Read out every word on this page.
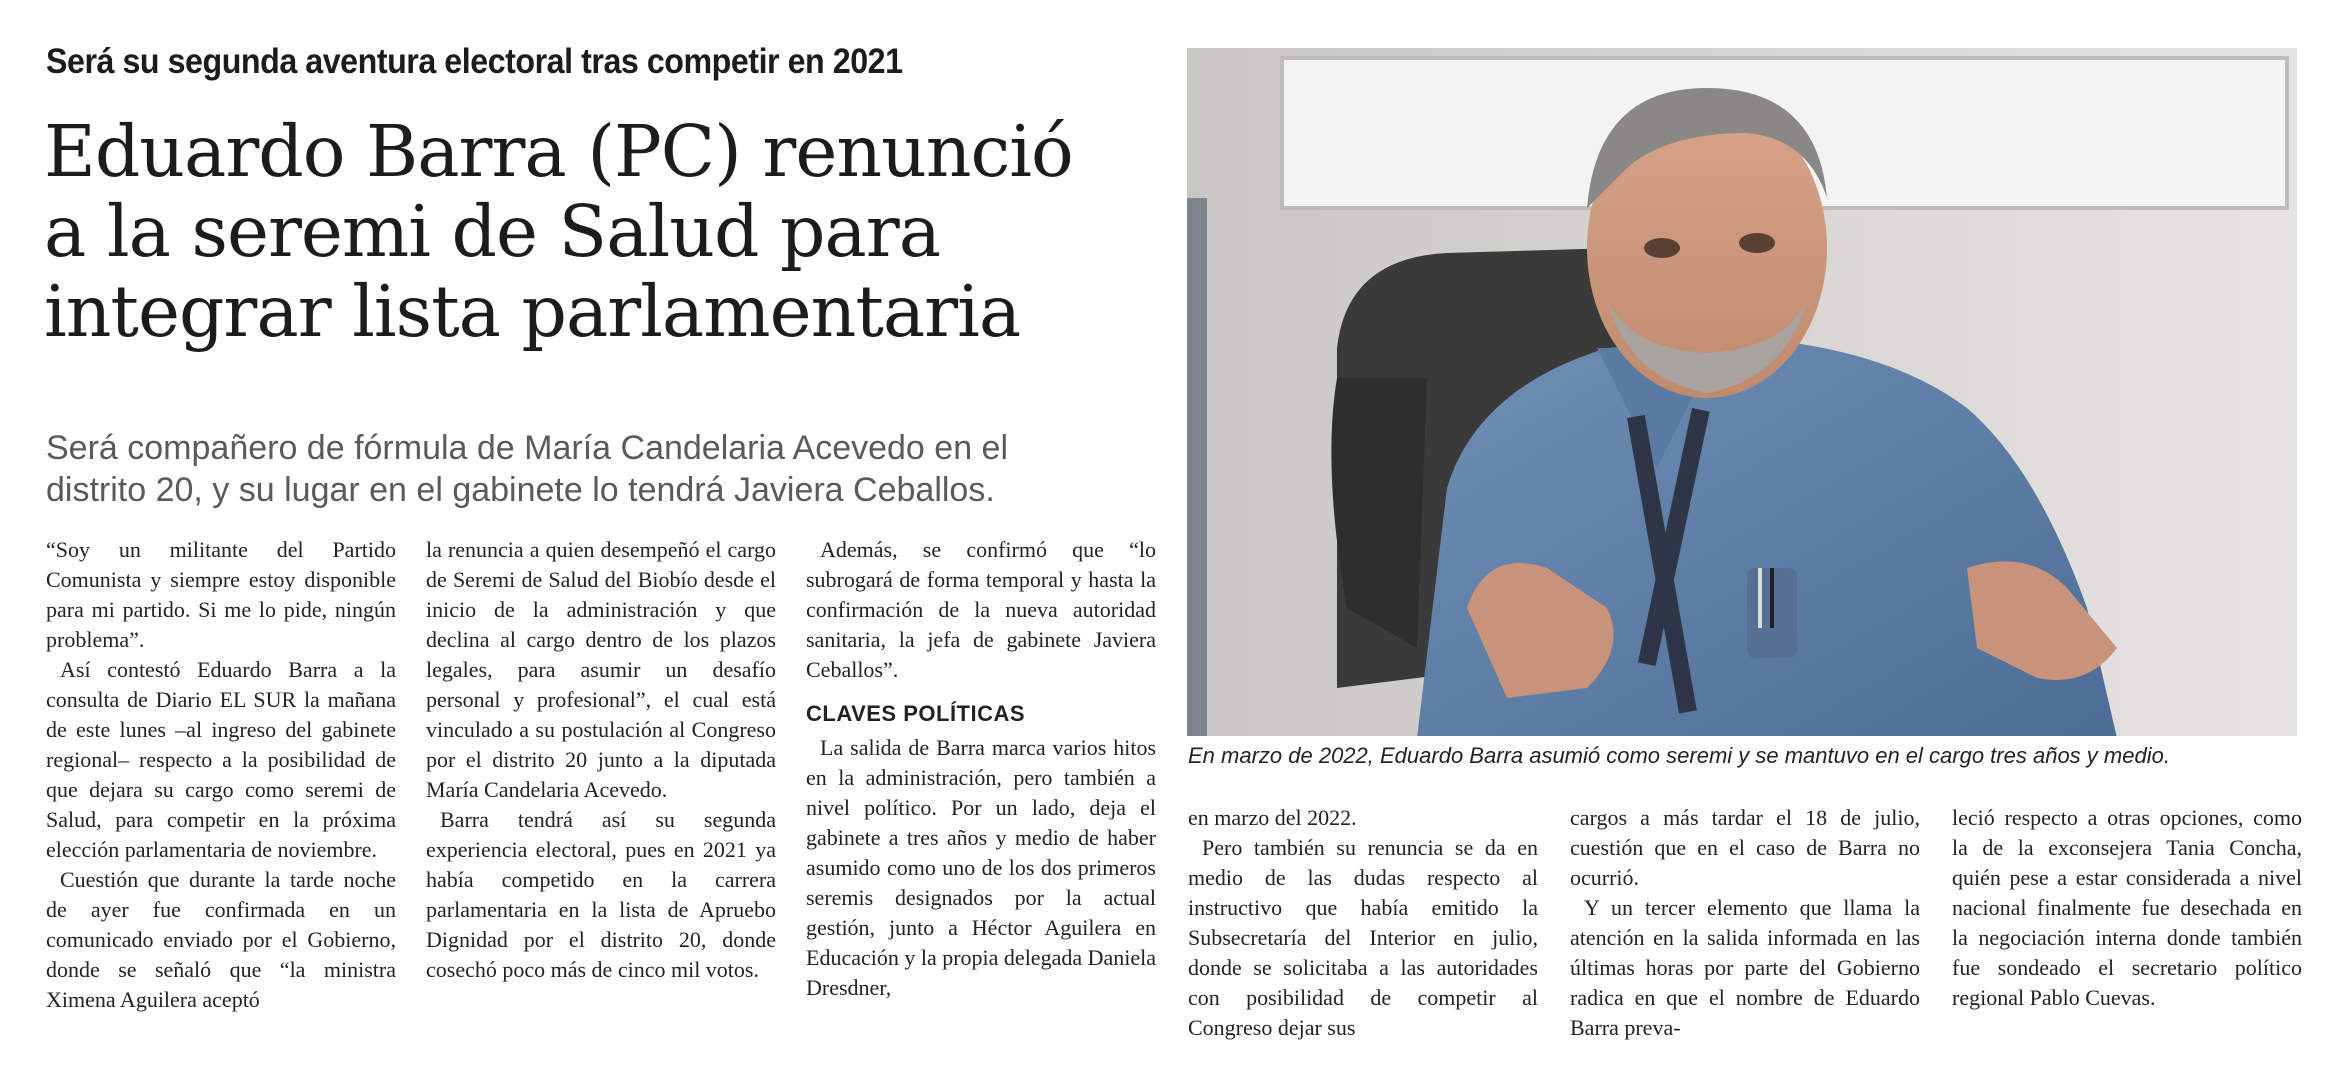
Será su segunda aventura electoral tras competir en 2021
Eduardo Barra (PC) renunció
a la seremi de Salud para
integrar lista parlamentaria
Será compañero de fórmula de María Candelaria Acevedo en el
distrito 20, y su lugar en el gabinete lo tendrá Javiera Ceballos.

“Soy un militante del Partido Comunista y siempre estoy disponible para mi partido. Si me lo pide, ningún problema”.

Así contestó Eduardo Barra a la consulta de Diario EL SUR la mañana de este lunes –al ingreso del gabinete regional– respecto a la posibilidad de que dejara su cargo como seremi de Salud, para competir en la próxima elección parlamentaria de noviembre.

Cuestión que durante la tarde noche de ayer fue confirmada en un comunicado enviado por el Gobierno, donde se señaló que “la ministra Ximena Aguilera aceptó

la renuncia a quien desempeñó el cargo de Seremi de Salud del Biobío desde el inicio de la administración y que declina al cargo dentro de los plazos legales, para asumir un desafío personal y profesional”, el cual está vinculado a su postulación al Congreso por el distrito 20 junto a la diputada María Candelaria Acevedo.

Barra tendrá así su segunda experiencia electoral, pues en 2021 ya había competido en la carrera parlamentaria en la lista de Apruebo Dignidad por el distrito 20, donde cosechó poco más de cinco mil votos.

Además, se confirmó que “lo subrogará de forma temporal y hasta la confirmación de la nueva autoridad sanitaria, la jefa de gabinete Javiera Ceballos”.

CLAVES POLÍTICAS

La salida de Barra marca varios hitos en la administración, pero también a nivel político. Por un lado, deja el gabinete a tres años y medio de haber asumido como uno de los dos primeros seremis designados por la actual gestión, junto a Héctor Aguilera en Educación y la propia delegada Daniela Dresdner,

En marzo de 2022, Eduardo Barra asumió como seremi y se mantuvo en el cargo tres años y medio.

en marzo del 2022.

Pero también su renuncia se da en medio de las dudas respecto al instructivo que había emitido la Subsecretaría del Interior en julio, donde se solicitaba a las autoridades con posibilidad de competir al Congreso dejar sus

cargos a más tardar el 18 de julio, cuestión que en el caso de Barra no ocurrió.

Y un tercer elemento que llama la atención en la salida informada en las últimas horas por parte del Gobierno radica en que el nombre de Eduardo Barra preva-

leció respecto a otras opciones, como la de la exconsejera Tania Concha, quién pese a estar considerada a nivel nacional finalmente fue desechada en la negociación interna donde también fue sondeado el secretario político regional Pablo Cuevas.
